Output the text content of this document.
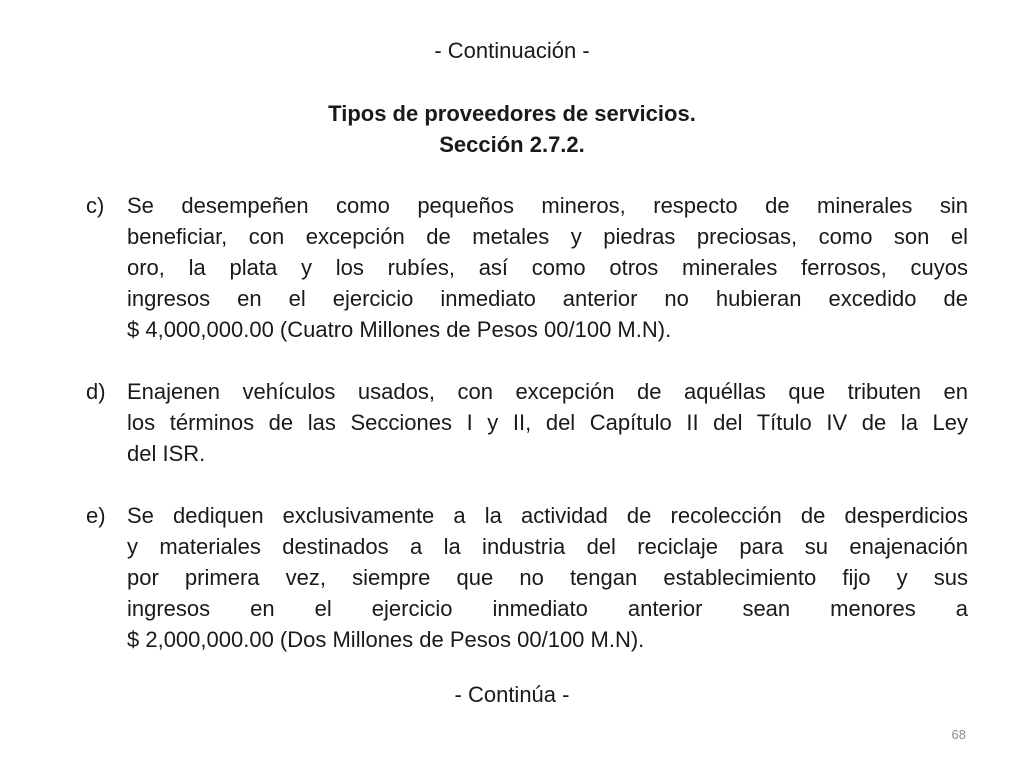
- Continuación -
Tipos de proveedores de servicios.
Sección 2.7.2.
c) Se desempeñen como pequeños mineros, respecto de minerales sin
beneficiar, con excepción de metales y piedras preciosas, como son el
oro, la plata y los rubíes, así como otros minerales ferrosos, cuyos
ingresos en el ejercicio inmediato anterior no hubieran excedido de
$ 4,000,000.00 (Cuatro Millones de Pesos 00/100 M.N).
d) Enajenen vehículos usados, con excepción de aquéllas que tributen en
los términos de las Secciones I y II, del Capítulo II del Título IV de la Ley
del ISR.
e) Se dediquen exclusivamente a la actividad de recolección de desperdicios
y materiales destinados a la industria del reciclaje para su enajenación
por primera vez, siempre que no tengan establecimiento fijo y sus
ingresos en el ejercicio inmediato anterior sean menores a
$ 2,000,000.00 (Dos Millones de Pesos 00/100 M.N).
- Continúa -
68
